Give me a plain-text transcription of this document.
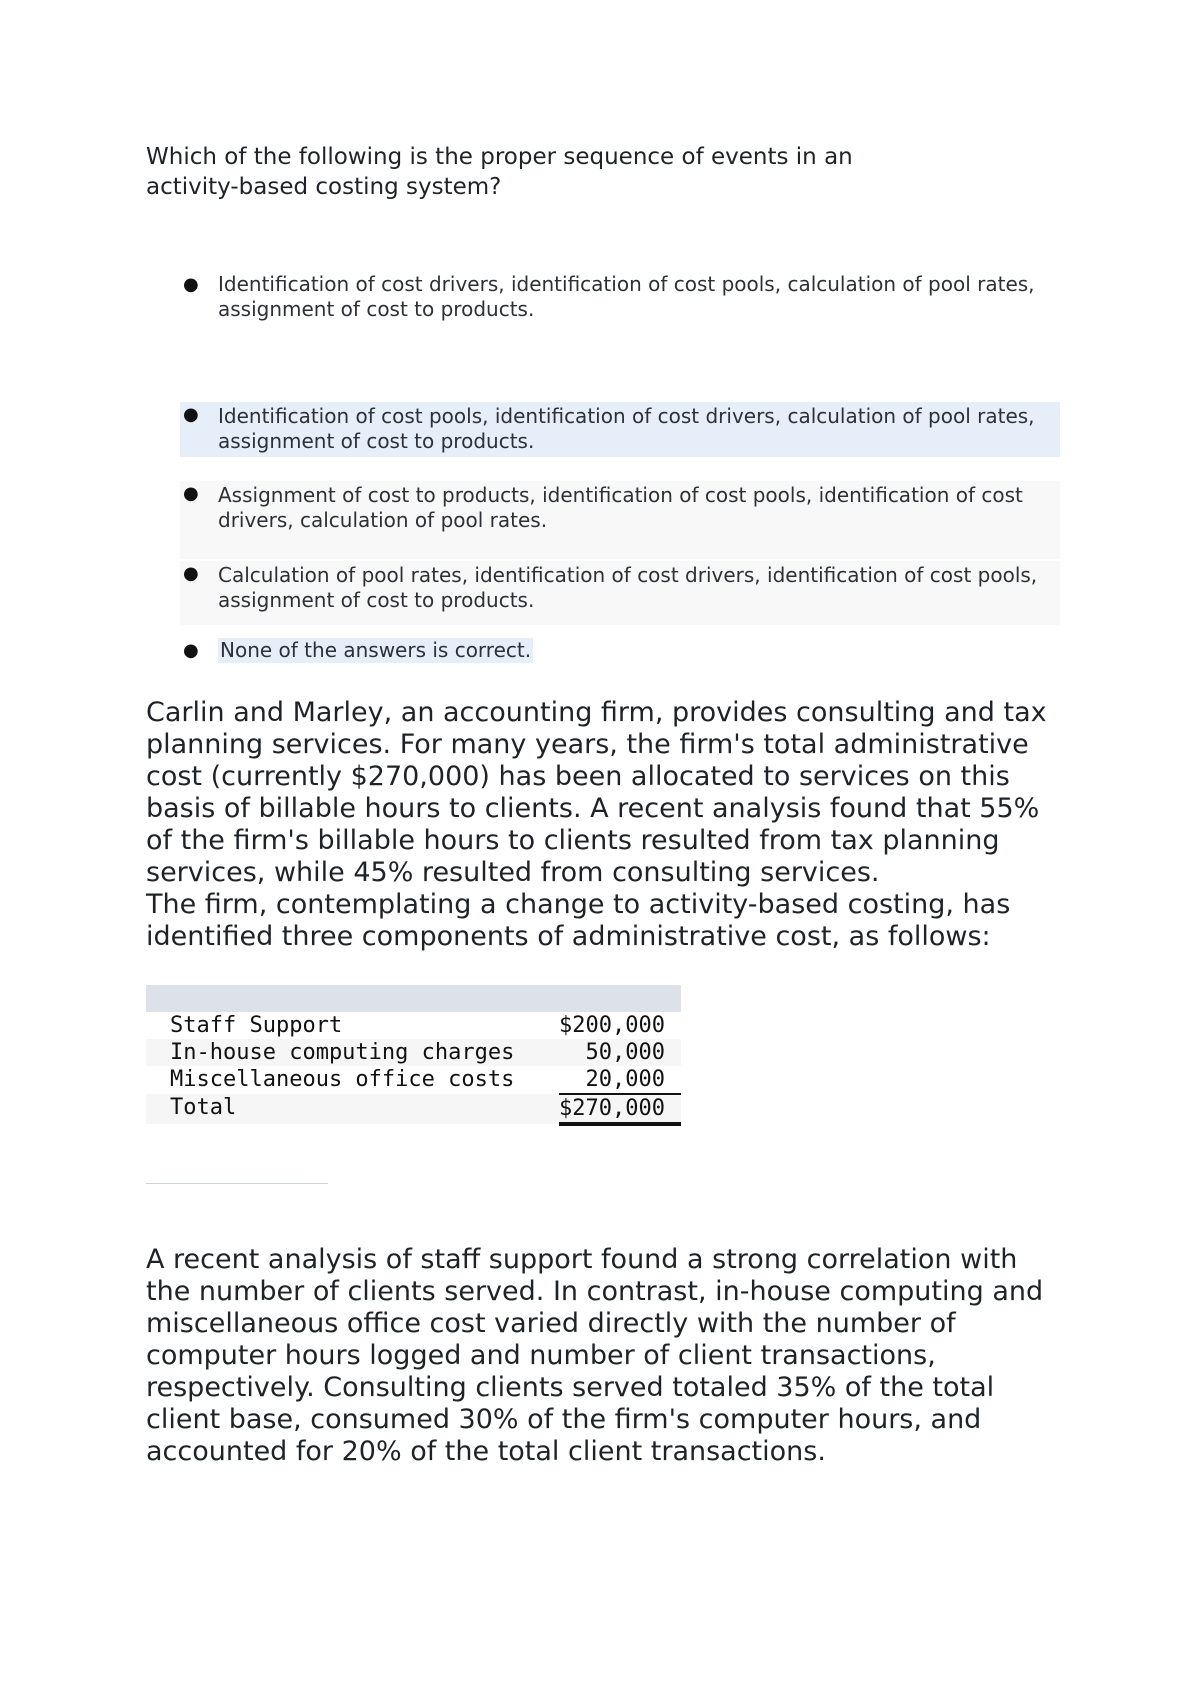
Which of the following is the proper sequence of events in an activity-based costing system?

● Identification of cost drivers, identification of cost pools, calculation of pool rates, assignment of cost to products.
● Identification of cost pools, identification of cost drivers, calculation of pool rates, assignment of cost to products.
● Assignment of cost to products, identification of cost pools, identification of cost drivers, calculation of pool rates.
● Calculation of pool rates, identification of cost drivers, identification of cost pools, assignment of cost to products.
● None of the answers is correct.

Carlin and Marley, an accounting firm, provides consulting and tax planning services. For many years, the firm's total administrative cost (currently $270,000) has been allocated to services on this basis of billable hours to clients. A recent analysis found that 55% of the firm's billable hours to clients resulted from tax planning services, while 45% resulted from consulting services.

The firm, contemplating a change to activity-based costing, has identified three components of administrative cost, as follows:

Staff Support	$200,000
In-house computing charges	50,000
Miscellaneous office costs	20,000
Total	$270,000

A recent analysis of staff support found a strong correlation with the number of clients served. In contrast, in-house computing and miscellaneous office cost varied directly with the number of computer hours logged and number of client transactions, respectively. Consulting clients served totaled 35% of the total client base, consumed 30% of the firm's computer hours, and accounted for 20% of the total client transactions.
